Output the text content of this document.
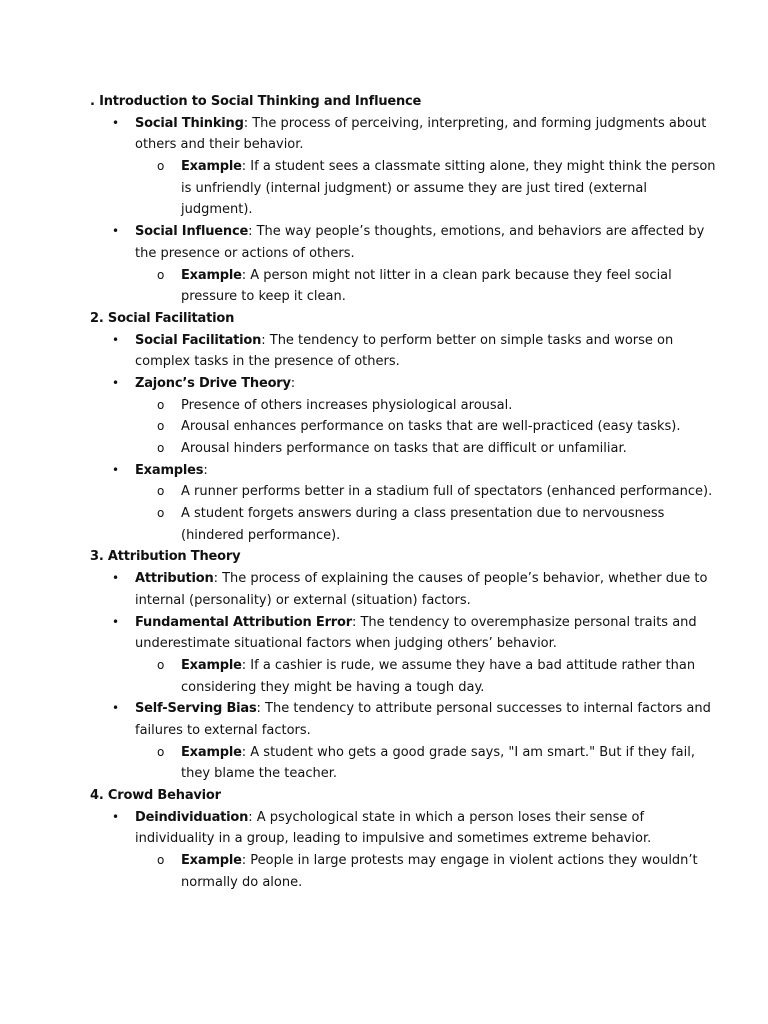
. Introduction to Social Thinking and Influence
• Social Thinking: The process of perceiving, interpreting, and forming judgments about
others and their behavior.
o Example: If a student sees a classmate sitting alone, they might think the person
is unfriendly (internal judgment) or assume they are just tired (external
judgment).
• Social Influence: The way people’s thoughts, emotions, and behaviors are affected by
the presence or actions of others.
o Example: A person might not litter in a clean park because they feel social
pressure to keep it clean.
2. Social Facilitation
• Social Facilitation: The tendency to perform better on simple tasks and worse on
complex tasks in the presence of others.
• Zajonc’s Drive Theory:
o Presence of others increases physiological arousal.
o Arousal enhances performance on tasks that are well-practiced (easy tasks).
o Arousal hinders performance on tasks that are difficult or unfamiliar.
• Examples:
o A runner performs better in a stadium full of spectators (enhanced performance).
o A student forgets answers during a class presentation due to nervousness
(hindered performance).
3. Attribution Theory
• Attribution: The process of explaining the causes of people’s behavior, whether due to
internal (personality) or external (situation) factors.
• Fundamental Attribution Error: The tendency to overemphasize personal traits and
underestimate situational factors when judging others’ behavior.
o Example: If a cashier is rude, we assume they have a bad attitude rather than
considering they might be having a tough day.
• Self-Serving Bias: The tendency to attribute personal successes to internal factors and
failures to external factors.
o Example: A student who gets a good grade says, "I am smart." But if they fail,
they blame the teacher.
4. Crowd Behavior
• Deindividuation: A psychological state in which a person loses their sense of
individuality in a group, leading to impulsive and sometimes extreme behavior.
o Example: People in large protests may engage in violent actions they wouldn’t
normally do alone.
